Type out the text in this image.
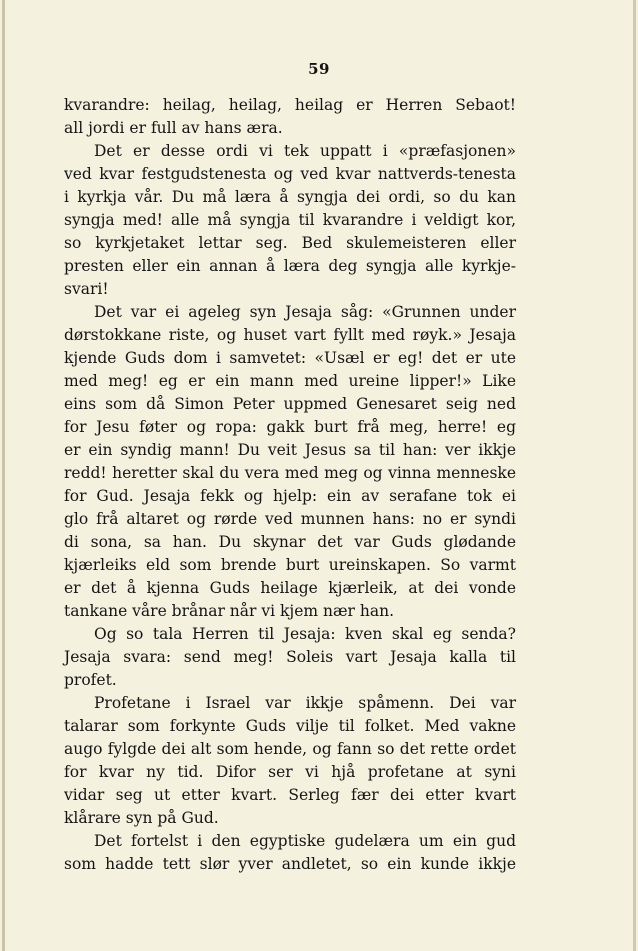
59
kvarandre: heilag, heilag, heilag er Herren Sebaot!
all jordi er full av hans æra.
Det er desse ordi vi tek uppatt i «præfasjonen»
ved kvar festgudstenesta og ved kvar nattverds-tenesta
i kyrkja vår. Du må læra å syngja dei ordi, so du kan
syngja med! alle må syngja til kvarandre i veldigt kor,
so kyrkjetaket lettar seg. Bed skulemeisteren eller
presten eller ein annan å læra deg syngja alle kyrkje-
svari!
Det var ei ageleg syn Jesaja såg: «Grunnen under
dørstokkane riste, og huset vart fyllt med røyk.» Jesaja
kjende Guds dom i samvetet: «Usæl er eg! det er ute
med meg! eg er ein mann med ureine lipper!» Like
eins som då Simon Peter uppmed Genesaret seig ned
for Jesu føter og ropa: gakk burt frå meg, herre! eg
er ein syndig mann! Du veit Jesus sa til han: ver ikkje
redd! heretter skal du vera med meg og vinna menneske
for Gud. Jesaja fekk og hjelp: ein av serafane tok ei
glo frå altaret og rørde ved munnen hans: no er syndi
di sona, sa han. Du skynar det var Guds glødande
kjærleiks eld som brende burt ureinskapen. So varmt
er det å kjenna Guds heilage kjærleik, at dei vonde
tankane våre brånar når vi kjem nær han.
Og so tala Herren til Jesaja: kven skal eg senda?
Jesaja svara: send meg! Soleis vart Jesaja kalla til
profet.
Profetane i Israel var ikkje spåmenn. Dei var
talarar som forkynte Guds vilje til folket. Med vakne
augo fylgde dei alt som hende, og fann so det rette ordet
for kvar ny tid. Difor ser vi hjå profetane at syni
vidar seg ut etter kvart. Serleg fær dei etter kvart
klårare syn på Gud.
Det fortelst i den egyptiske gudelæra um ein gud
som hadde tett slør yver andletet, so ein kunde ikkje
